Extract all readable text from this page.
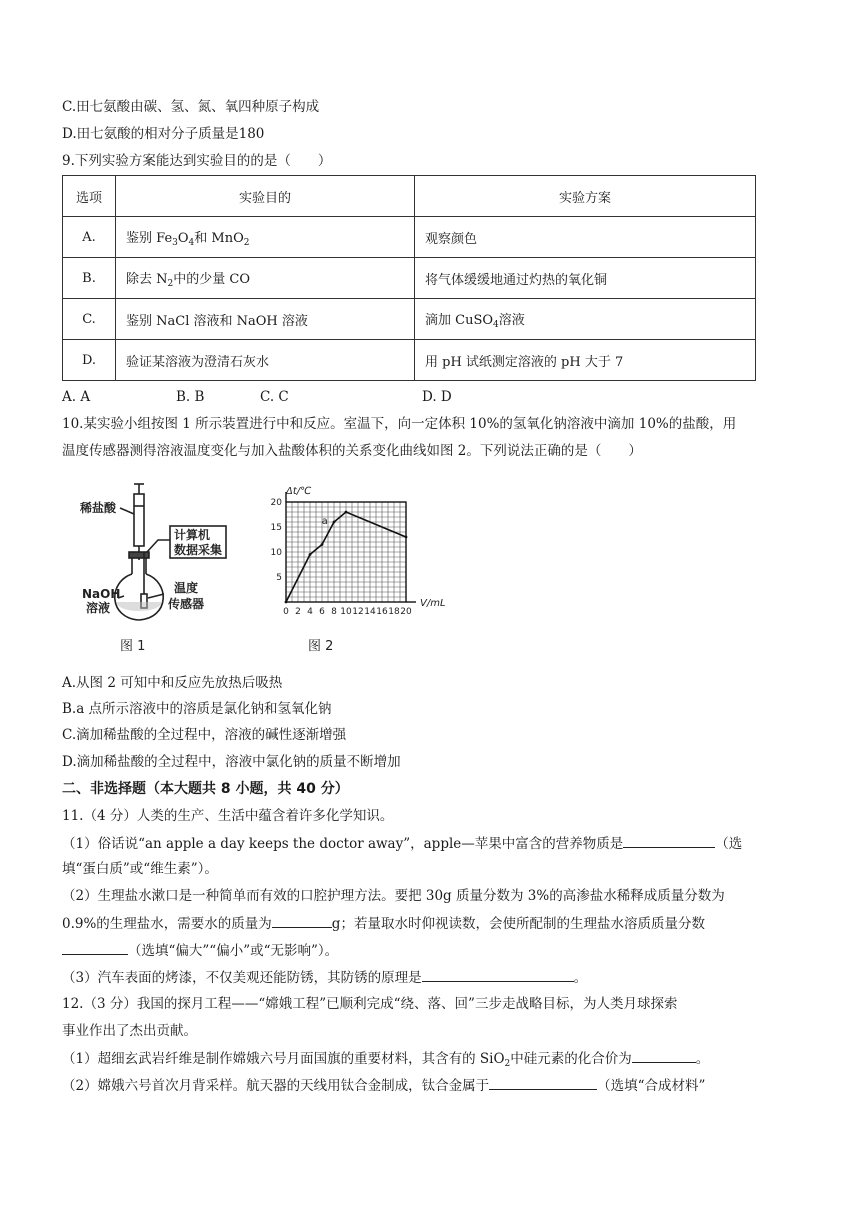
C.田七氨酸由碳、氢、氮、氧四种原子构成
D.田七氨酸的相对分子质量是180
9.下列实验方案能达到实验目的的是（　　）
选项	实验目的	实验方案
A.	鉴别 $Fe_3O_4$和 MnO$_2$	观察颜色
B.	除去 $N_2$中的少量 CO	将气体缓缓地通过灼热的氧化铜
C.	鉴别 NaCl 溶液和 NaOH 溶液	滴加 CuSO$_4$溶液
D.	验证某溶液为澄清石灰水	用 pH 试纸测定溶液的 pH 大于 7
A. A	B. B	C. C	D. D
10.某实验小组按图 1 所示装置进行中和反应。室温下，向一定体积 10%的氢氧化钠溶液中滴加 10%的盐酸，用
温度传感器测得溶液温度变化与加入盐酸体积的关系变化曲线如图 2。下列说法正确的是（　　）
稀盐酸
计算机
数据采集
NaOH
溶液
温度
传感器
图 1
0 2 4 6 8 10 12 14 16 18 20
5
10
15
20
V/mL
Δt/℃
a
图 2
A.从图 2 可知中和反应先放热后吸热
B.a 点所示溶液中的溶质是氯化钠和氢氧化钠
C.滴加稀盐酸的全过程中，溶液的碱性逐渐增强
D.滴加稀盐酸的全过程中，溶液中氯化钠的质量不断增加
二、非选择题（本大题共 8 小题，共 40 分）
11.（4 分）人类的生产、生活中蕴含着许多化学知识。
（1）俗话说“an apple a day keeps the doctor away”，apple—苹果中富含的营养物质是	（选
填“蛋白质”或“维生素”）。
（2）生理盐水漱口是一种简单而有效的口腔护理方法。要把 30g 质量分数为 3%的高渗盐水稀释成质量分数为
0.9%的生理盐水，需要水的质量为	g；若量取水时仰视读数，会使所配制的生理盐水溶质质量分数
（选填“偏大”“偏小”或“无影响”）。
（3）汽车表面的烤漆，不仅美观还能防锈，其防锈的原理是	。
12.（3 分）我国的探月工程——“嫦娥工程”已顺利完成“绕、落、回”三步走战略目标，为人类月球探索
事业作出了杰出贡献。
（1）超细玄武岩纤维是制作嫦娥六号月面国旗的重要材料，其含有的 SiO$_2$中硅元素的化合价为	。
（2）嫦娥六号首次月背采样。航天器的天线用钛合金制成，钛合金属于	（选填“合成材料”
